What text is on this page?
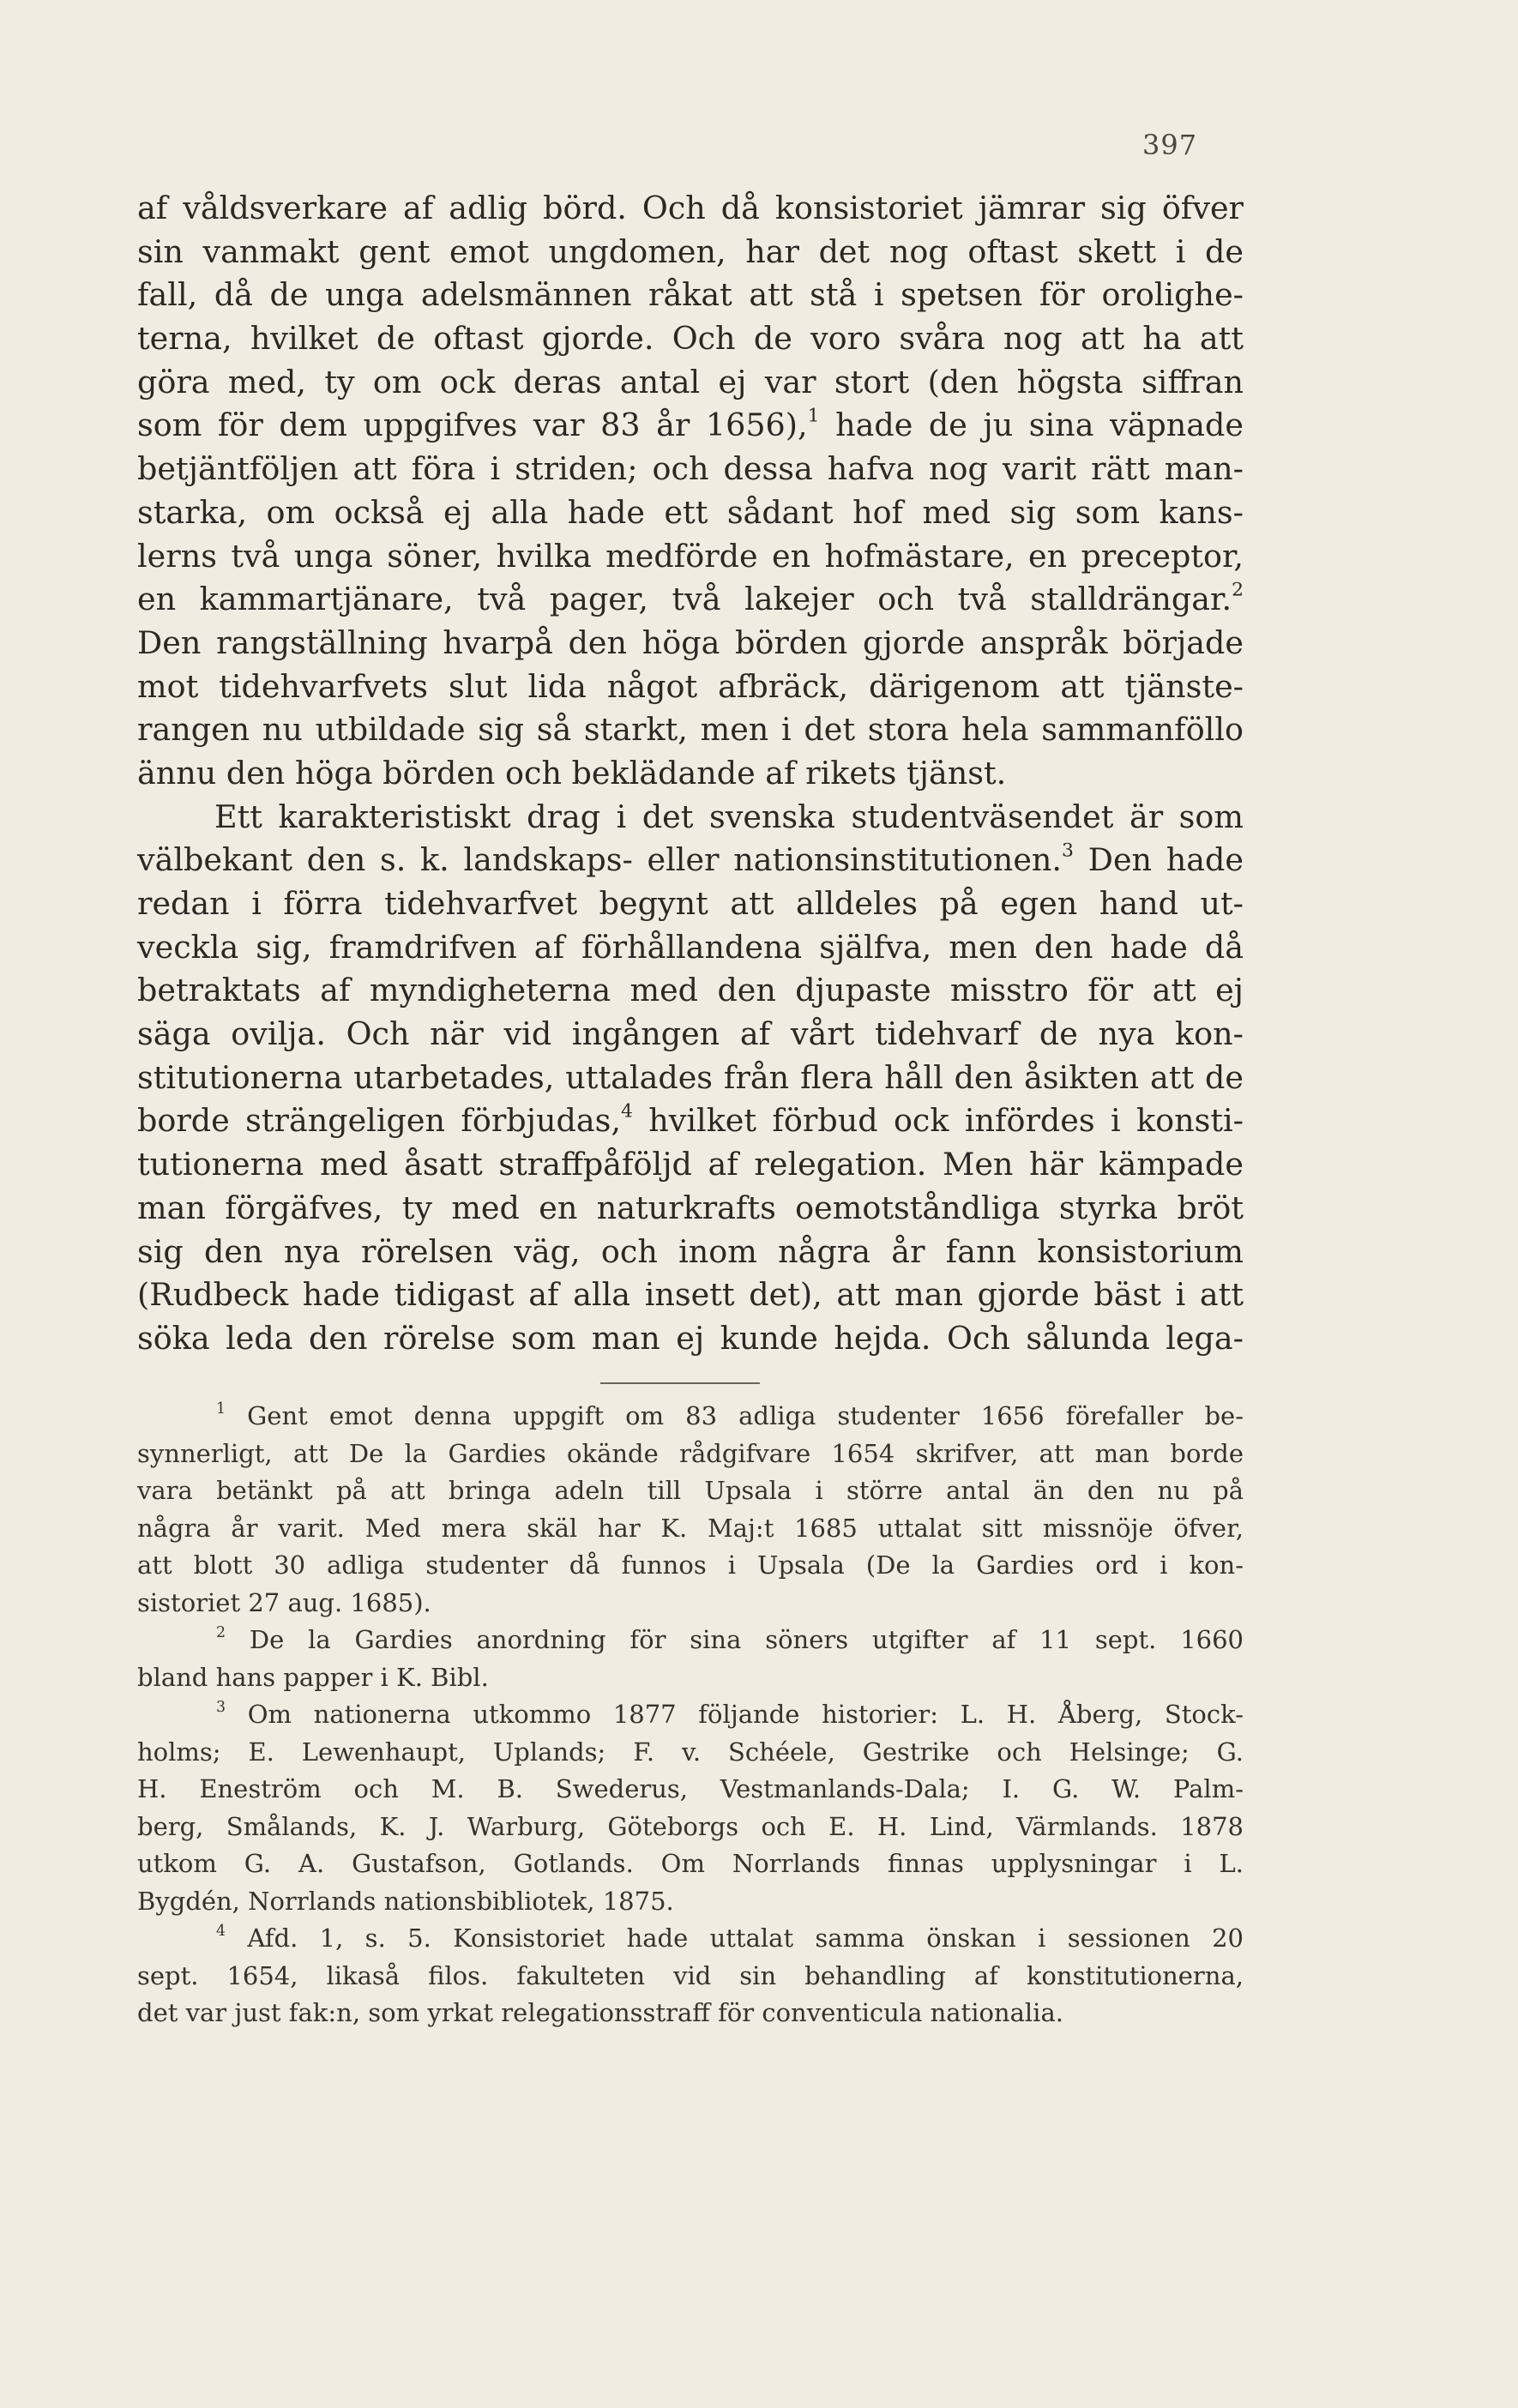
397
af våldsverkare af adlig börd. Och då konsistoriet jämrar sig öfver
sin vanmakt gent emot ungdomen, har det nog oftast skett i de
fall, då de unga adelsmännen råkat att stå i spetsen för orolighe-
terna, hvilket de oftast gjorde. Och de voro svåra nog att ha att
göra med, ty om ock deras antal ej var stort (den högsta siffran
som för dem uppgifves var 83 år 1656),$^1$ hade de ju sina väpnade
betjäntföljen att föra i striden; och dessa hafva nog varit rätt man-
starka, om också ej alla hade ett sådant hof med sig som kans-
lerns två unga söner, hvilka medförde en hofmästare, en preceptor,
en kammartjänare, två pager, två lakejer och två stalldrängar.$^2$
Den rangställning hvarpå den höga börden gjorde anspråk började
mot tidehvarfvets slut lida något afbräck, därigenom att tjänste-
rangen nu utbildade sig så starkt, men i det stora hela sammanföllo
ännu den höga börden och beklädande af rikets tjänst.
Ett karakteristiskt drag i det svenska studentväsendet är som
välbekant den s. k. landskaps- eller nationsinstitutionen.$^3$ Den hade
redan i förra tidehvarfvet begynt att alldeles på egen hand ut-
veckla sig, framdrifven af förhållandena själfva, men den hade då
betraktats af myndigheterna med den djupaste misstro för att ej
säga ovilja. Och när vid ingången af vårt tidehvarf de nya kon-
stitutionerna utarbetades, uttalades från flera håll den åsikten att de
borde strängeligen förbjudas,$^4$ hvilket förbud ock infördes i konsti-
tutionerna med åsatt straffpåföljd af relegation. Men här kämpade
man förgäfves, ty med en naturkrafts oemotståndliga styrka bröt
sig den nya rörelsen väg, och inom några år fann konsistorium
(Rudbeck hade tidigast af alla insett det), att man gjorde bäst i att
söka leda den rörelse som man ej kunde hejda. Och sålunda lega-
$^1$ Gent emot denna uppgift om 83 adliga studenter 1656 förefaller be-
synnerligt, att De la Gardies okände rådgifvare 1654 skrifver, att man borde
vara betänkt på att bringa adeln till Upsala i större antal än den nu på
några år varit. Med mera skäl har K. Maj:t 1685 uttalat sitt missnöje öfver,
att blott 30 adliga studenter då funnos i Upsala (De la Gardies ord i kon-
sistoriet 27 aug. 1685).
$^2$ De la Gardies anordning för sina söners utgifter af 11 sept. 1660
bland hans papper i K. Bibl.
$^3$ Om nationerna utkommo 1877 följande historier: L. H. Åberg, Stock-
holms; E. Lewenhaupt, Uplands; F. v. Schéele, Gestrike och Helsinge; G.
H. Eneström och M. B. Swederus, Vestmanlands-Dala; I. G. W. Palm-
berg, Smålands, K. J. Warburg, Göteborgs och E. H. Lind, Värmlands. 1878
utkom G. A. Gustafson, Gotlands. Om Norrlands finnas upplysningar i L.
Bygdén, Norrlands nationsbibliotek, 1875.
$^4$ Afd. 1, s. 5. Konsistoriet hade uttalat samma önskan i sessionen 20
sept. 1654, likaså filos. fakulteten vid sin behandling af konstitutionerna,
det var just fak:n, som yrkat relegationsstraff för conventicula nationalia.
